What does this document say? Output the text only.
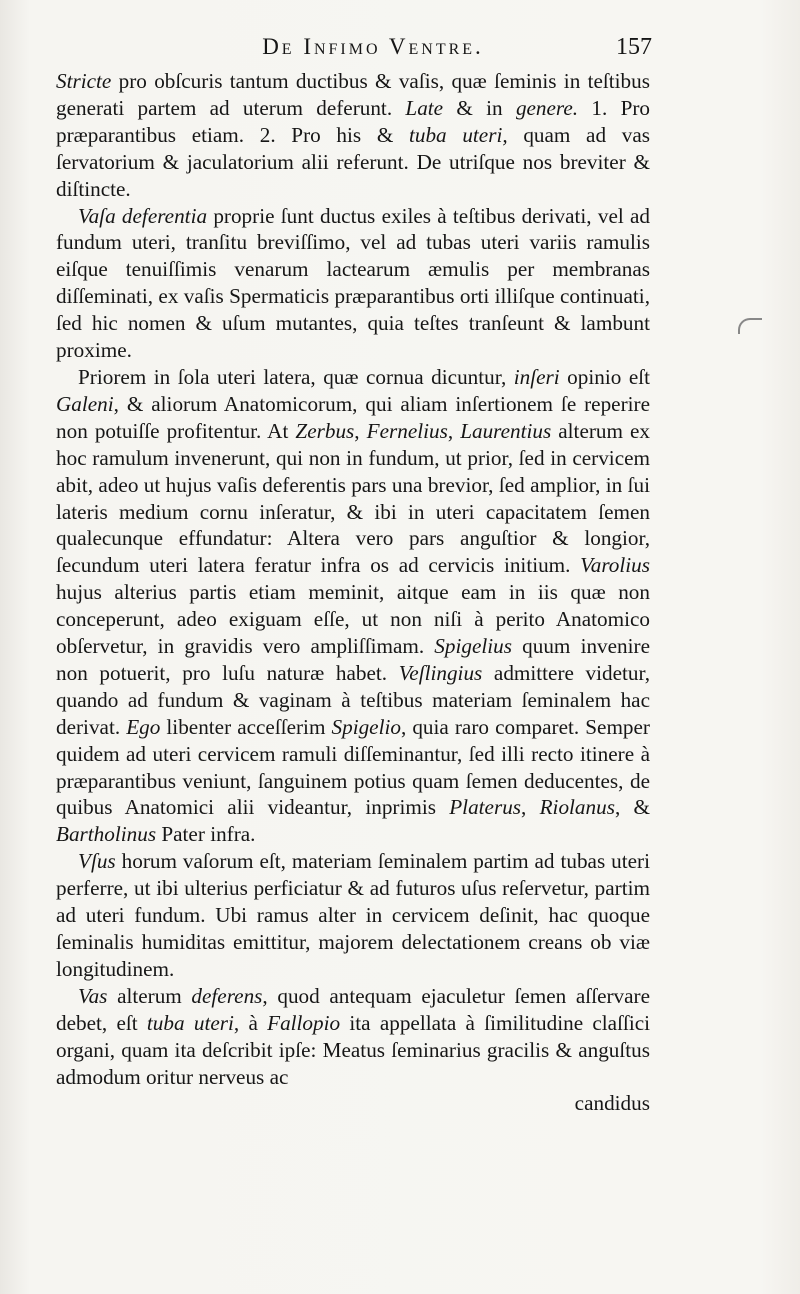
De Infimo Ventre.	157

Stricte pro obſcuris tantum ductibus & vaſis, quæ ſeminis in teſtibus generati partem ad uterum deferunt. Late & in genere. 1. Pro præparantibus etiam. 2. Pro his & tuba uteri, quam ad vas ſervatorium & jaculatorium alii referunt. De utriſque nos breviter & diſtincte.

Vaſa deferentia proprie ſunt ductus exiles à teſtibus derivati, vel ad fundum uteri, tranſitu breviſſimo, vel ad tubas uteri variis ramulis eiſque tenuiſſimis venarum lactearum æmulis per membranas diſſeminati, ex vaſis Spermaticis præparantibus orti illiſque continuati, ſed hic nomen & uſum mutantes, quia teſtes tranſeunt & lambunt proxime.

Priorem in ſola uteri latera, quæ cornua dicuntur, inſeri opinio eſt Galeni, & aliorum Anatomicorum, qui aliam inſertionem ſe reperire non potuiſſe profitentur. At Zerbus, Fernelius, Laurentius alterum ex hoc ramulum invenerunt, qui non in fundum, ut prior, ſed in cervicem abit, adeo ut hujus vaſis deferentis pars una brevior, ſed amplior, in ſui lateris medium cornu inſeratur, & ibi in uteri capacitatem ſemen qualecunque effundatur: Altera vero pars anguſtior & longior, ſecundum uteri latera feratur infra os ad cervicis initium. Varolius hujus alterius partis etiam meminit, aitque eam in iis quæ non conceperunt, adeo exiguam eſſe, ut non niſi à perito Anatomico obſervetur, in gravidis vero ampliſſimam. Spigelius quum invenire non potuerit, pro luſu naturæ habet. Veſlingius admittere videtur, quando ad fundum & vaginam à teſtibus materiam ſeminalem hac derivat. Ego libenter acceſſerim Spigelio, quia raro comparet. Semper quidem ad uteri cervicem ramuli diſſeminantur, ſed illi recto itinere à præparantibus veniunt, ſanguinem potius quam ſemen deducentes, de quibus Anatomici alii videantur, inprimis Platerus, Riolanus, & Bartholinus Pater infra.

Vſus horum vaſorum eſt, materiam ſeminalem partim ad tubas uteri perferre, ut ibi ulterius perficiatur & ad futuros uſus reſervetur, partim ad uteri fundum. Ubi ramus alter in cervicem deſinit, hac quoque ſeminalis humiditas emittitur, majorem delectationem creans ob viæ longitudinem.

Vas alterum deferens, quod antequam ejaculetur ſemen aſſervare debet, eſt tuba uteri, à Fallopio ita appellata à ſimilitudine claſſici organi, quam ita deſcribit ipſe: Meatus ſeminarius gracilis & anguſtus admodum oritur nerveus ac

candidus
